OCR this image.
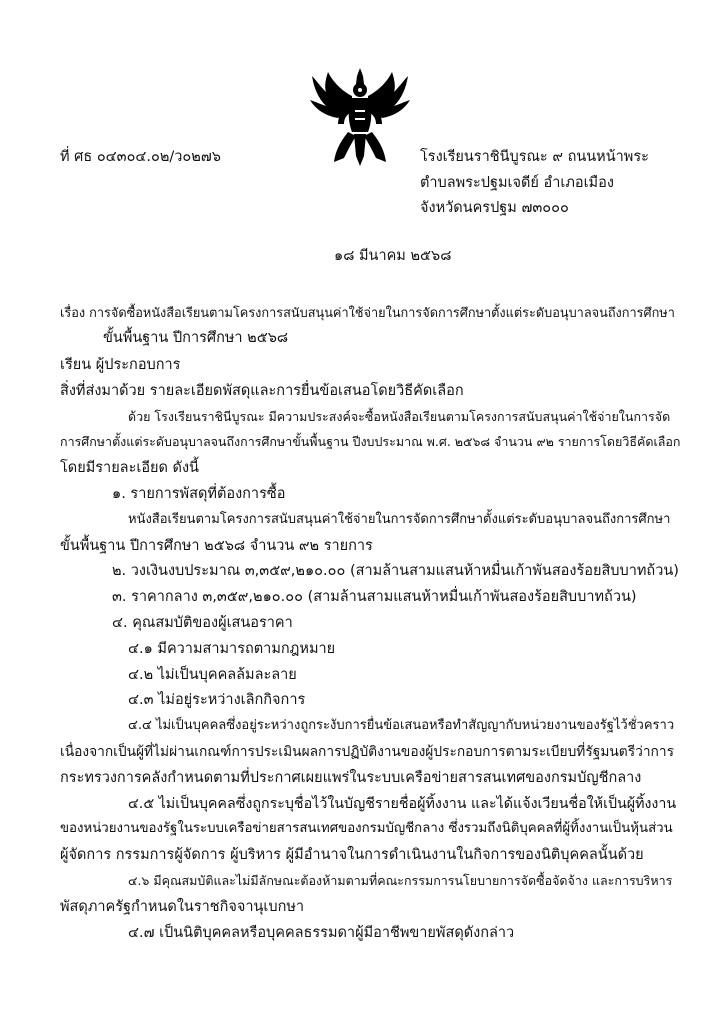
ที่ ศธ ๐๔๓๐๔.๐๒/ว๐๒๗๖	โรงเรียนราชินีบูรณะ ๙ ถนนหน้าพระ
ตำบลพระปฐมเจดีย์ อำเภอเมือง
จังหวัดนครปฐม ๗๓๐๐๐
๑๘ มีนาคม ๒๕๖๘
เรื่อง การจัดซื้อหนังสือเรียนตามโครงการสนับสนุนค่าใช้จ่ายในการจัดการศึกษาตั้งแต่ระดับอนุบาลจนถึงการศึกษา
ขั้นพื้นฐาน ปีการศึกษา ๒๕๖๘
เรียน ผู้ประกอบการ
สิ่งที่ส่งมาด้วย รายละเอียดพัสดุและการยื่นข้อเสนอโดยวิธีคัดเลือก
ด้วย โรงเรียนราชินีบูรณะ มีความประสงค์จะซื้อหนังสือเรียนตามโครงการสนับสนุนค่าใช้จ่ายในการจัด
การศึกษาตั้งแต่ระดับอนุบาลจนถึงการศึกษาขั้นพื้นฐาน ปีงบประมาณ พ.ศ. ๒๕๖๘ จำนวน ๙๒ รายการโดยวิธีคัดเลือก
โดยมีรายละเอียด ดังนี้
๑. รายการพัสดุที่ต้องการซื้อ
หนังสือเรียนตามโครงการสนับสนุนค่าใช้จ่ายในการจัดการศึกษาตั้งแต่ระดับอนุบาลจนถึงการศึกษา
ขั้นพื้นฐาน ปีการศึกษา ๒๕๖๘ จำนวน ๙๒ รายการ
๒. วงเงินงบประมาณ ๓,๓๕๙,๒๑๐.๐๐ (สามล้านสามแสนห้าหมื่นเก้าพันสองร้อยสิบบาทถ้วน)
๓. ราคากลาง ๓,๓๕๙,๒๑๐.๐๐ (สามล้านสามแสนห้าหมื่นเก้าพันสองร้อยสิบบาทถ้วน)
๔. คุณสมบัติของผู้เสนอราคา
๔.๑ มีความสามารถตามกฎหมาย
๔.๒ ไม่เป็นบุคคลล้มละลาย
๔.๓ ไม่อยู่ระหว่างเลิกกิจการ
๔.๔ ไม่เป็นบุคคลซึ่งอยู่ระหว่างถูกระงับการยื่นข้อเสนอหรือทำสัญญากับหน่วยงานของรัฐไว้ชั่วคราว
เนื่องจากเป็นผู้ที่ไม่ผ่านเกณฑ์การประเมินผลการปฏิบัติงานของผู้ประกอบการตามระเบียบที่รัฐมนตรีว่าการ
กระทรวงการคลังกำหนดตามที่ประกาศเผยแพร่ในระบบเครือข่ายสารสนเทศของกรมบัญชีกลาง
๔.๕ ไม่เป็นบุคคลซึ่งถูกระบุชื่อไว้ในบัญชีรายชื่อผู้ทิ้งงาน และได้แจ้งเวียนชื่อให้เป็นผู้ทิ้งงาน
ของหน่วยงานของรัฐในระบบเครือข่ายสารสนเทศของกรมบัญชีกลาง ซึ่งรวมถึงนิติบุคคลที่ผู้ทิ้งงานเป็นหุ้นส่วน
ผู้จัดการ กรรมการผู้จัดการ ผู้บริหาร ผู้มีอำนาจในการดำเนินงานในกิจการของนิติบุคคลนั้นด้วย
๔.๖ มีคุณสมบัติและไม่มีลักษณะต้องห้ามตามที่คณะกรรมการนโยบายการจัดซื้อจัดจ้าง และการบริหาร
พัสดุภาครัฐกำหนดในราชกิจจานุเบกษา
๔.๗ เป็นนิติบุคคลหรือบุคคลธรรมดาผู้มีอาชีพขายพัสดุดังกล่าว
